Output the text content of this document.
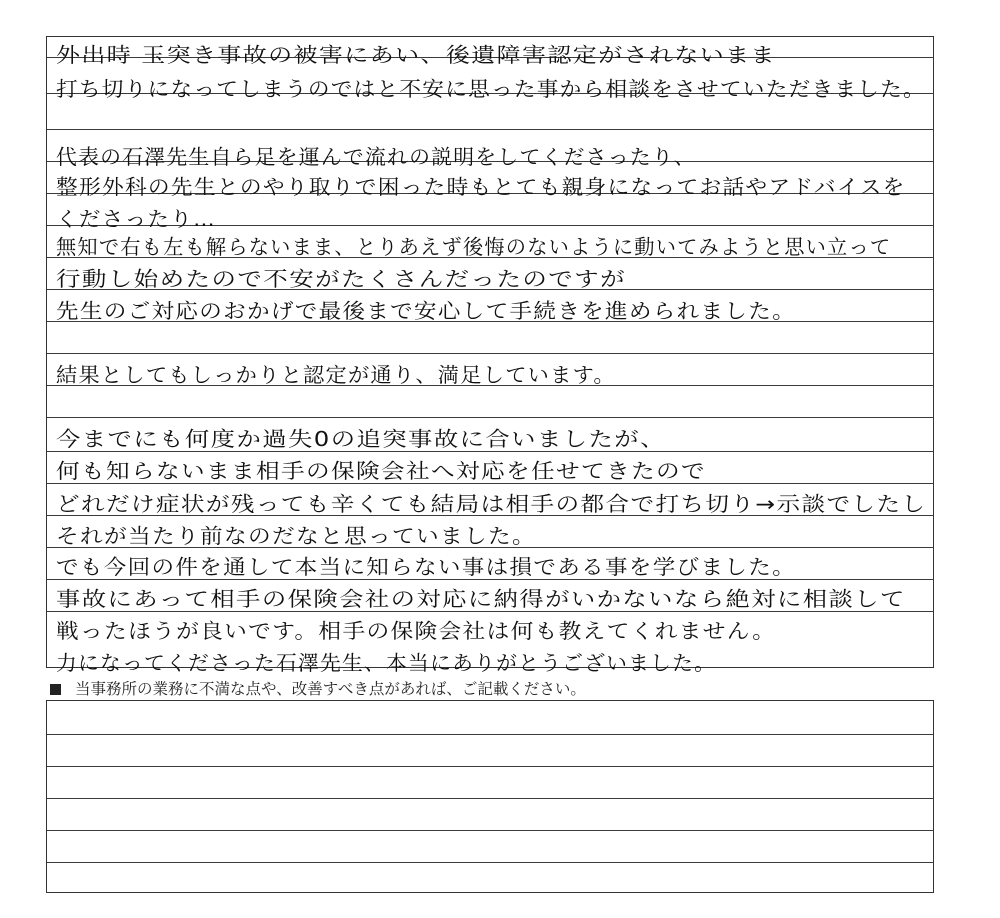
外出時 玉突き事故の被害にあい、後遺障害認定がされないまま
打ち切りになってしまうのではと不安に思った事から相談をさせていただきました。
代表の石澤先生自ら足を運んで流れの説明をしてくださったり、
整形外科の先生とのやり取りで困った時もとても親身になってお話やアドバイスを
くださったり…
無知で右も左も解らないまま、とりあえず後悔のないように動いてみようと思い立って
行動し始めたので不安がたくさんだったのですが
先生のご対応のおかげで最後まで安心して手続きを進められました。
結果としてもしっかりと認定が通り、満足しています。
今までにも何度か過失0の追突事故に合いましたが、
何も知らないまま相手の保険会社へ対応を任せてきたので
どれだけ症状が残っても辛くても結局は相手の都合で打ち切り→示談でしたし
それが当たり前なのだなと思っていました。
でも今回の件を通して本当に知らない事は損である事を学びました。
事故にあって相手の保険会社の対応に納得がいかないなら絶対に相談して
戦ったほうが良いです。相手の保険会社は何も教えてくれません。
力になってくださった石澤先生、本当にありがとうございました。
当事務所の業務に不満な点や、改善すべき点があれば、ご記載ください。
